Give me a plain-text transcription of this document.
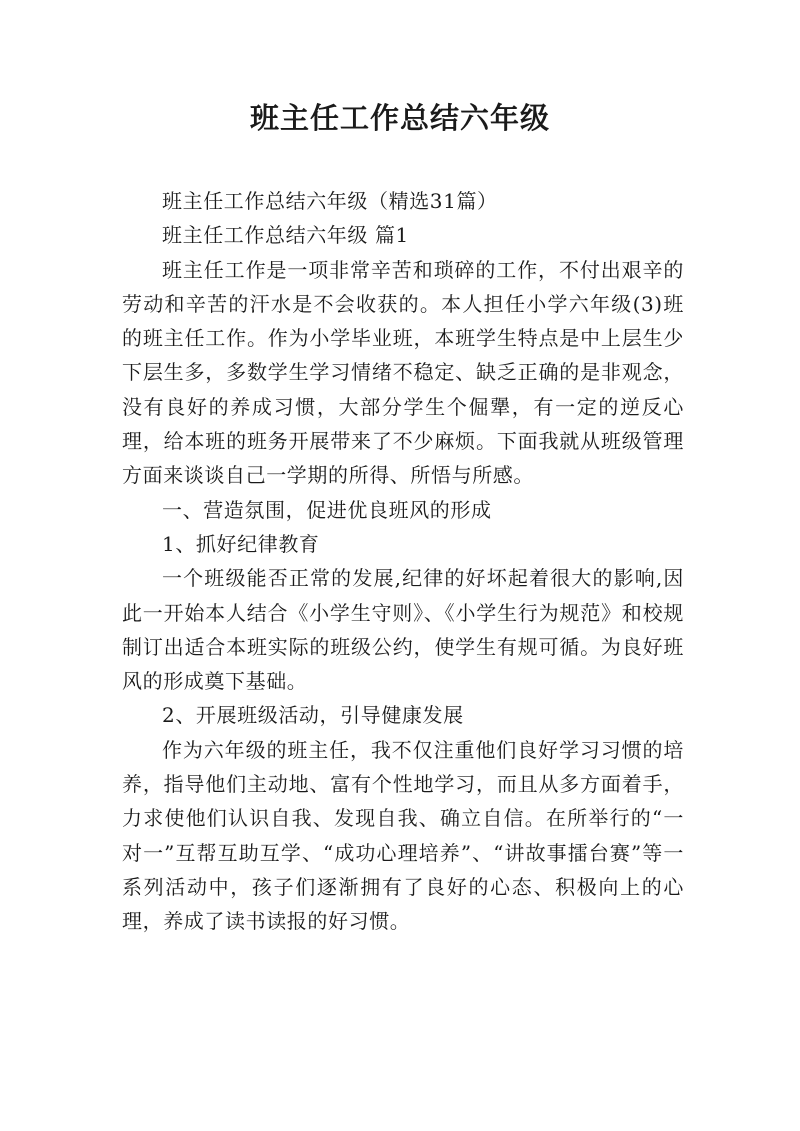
班主任工作总结六年级

班主任工作总结六年级（精选31篇）

班主任工作总结六年级 篇1

班主任工作是一项非常辛苦和琐碎的工作，不付出艰辛的劳动和辛苦的汗水是不会收获的。本人担任小学六年级(3)班的班主任工作。作为小学毕业班，本班学生特点是中上层生少下层生多，多数学生学习情绪不稳定、缺乏正确的是非观念，没有良好的养成习惯，大部分学生个倔犟，有一定的逆反心理，给本班的班务开展带来了不少麻烦。下面我就从班级管理方面来谈谈自己一学期的所得、所悟与所感。

一、营造氛围，促进优良班风的形成

1、抓好纪律教育

一个班级能否正常的发展,纪律的好坏起着很大的影响,因此一开始本人结合《小学生守则》、《小学生行为规范》和校规制订出适合本班实际的班级公约，使学生有规可循。为良好班风的形成奠下基础。

2、开展班级活动，引导健康发展

作为六年级的班主任，我不仅注重他们良好学习习惯的培养，指导他们主动地、富有个性地学习，而且从多方面着手，力求使他们认识自我、发现自我、确立自信。在所举行的“一对一”互帮互助互学、“成功心理培养”、“讲故事擂台赛”等一系列活动中，孩子们逐渐拥有了良好的心态、积极向上的心理，养成了读书读报的好习惯。
